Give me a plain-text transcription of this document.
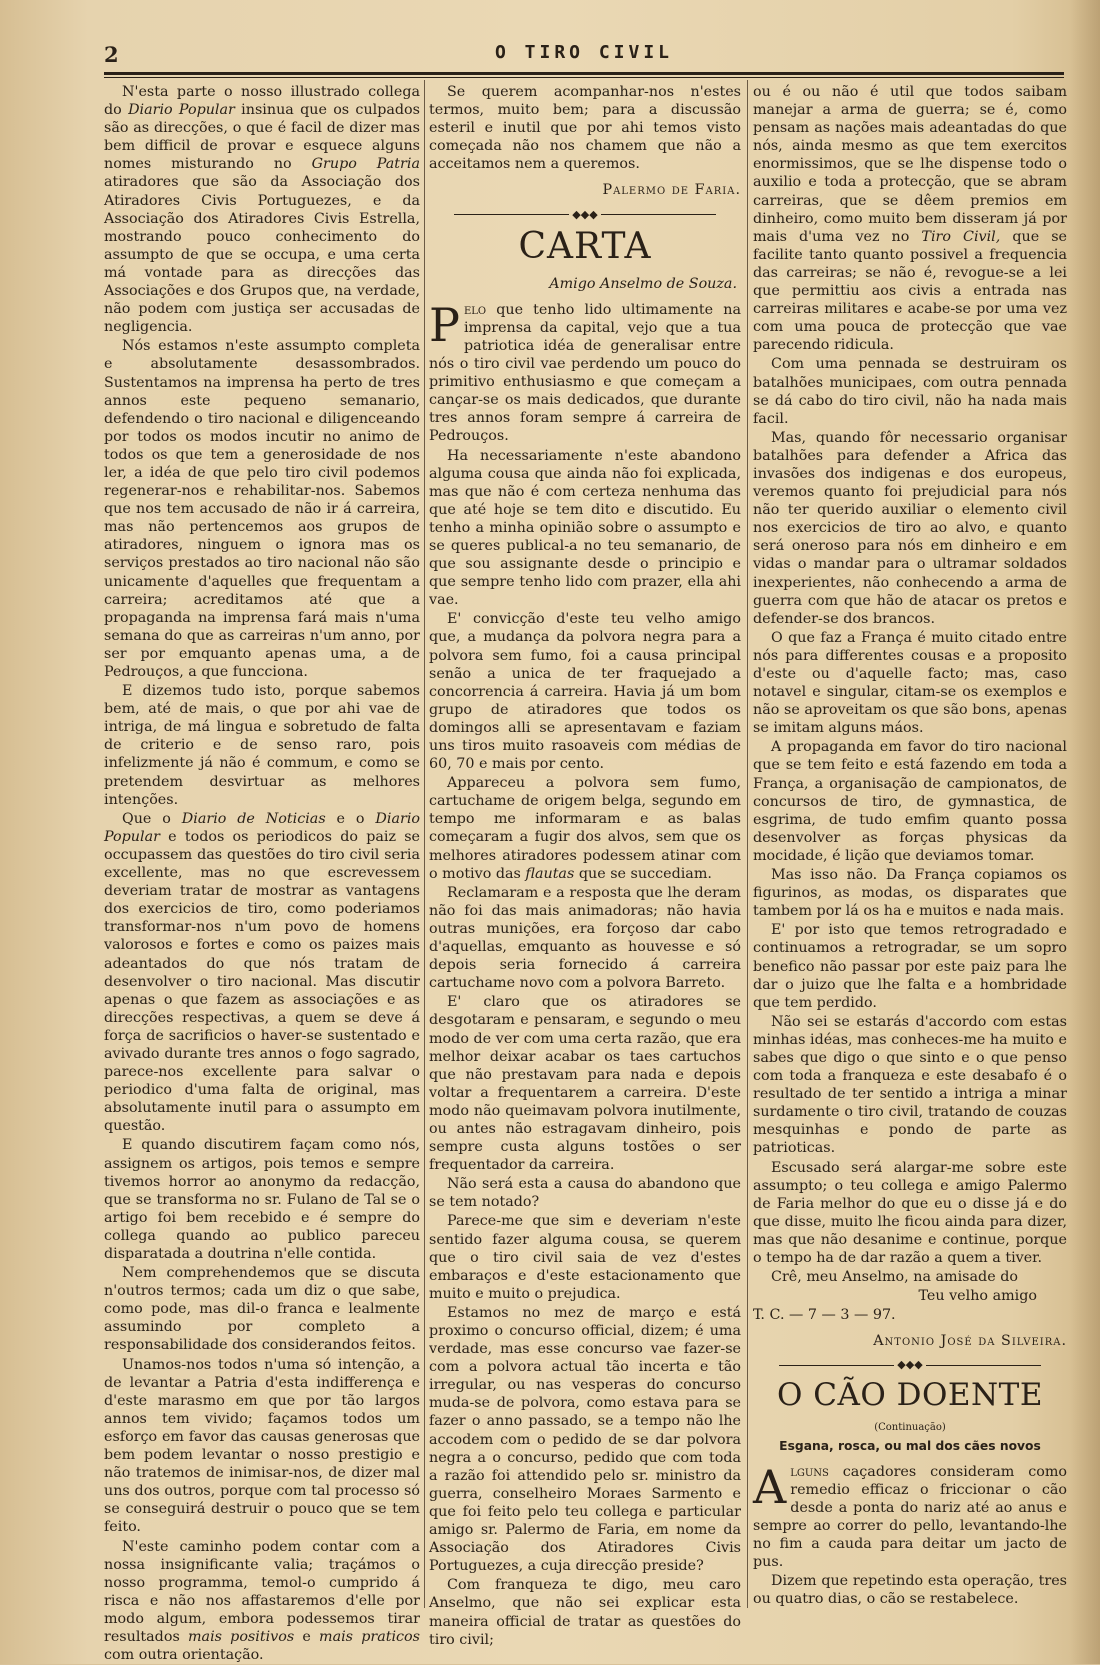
2	O TIRO CIVIL

N'esta parte o nosso illustrado collega do Diario Popular insinua que os culpados são as direcções, o que é facil de dizer mas bem difficil de provar e esquece alguns nomes misturando no Grupo Patria atiradores que são da Associação dos Atiradores Civis Portuguezes, e da Associação dos Atiradores Civis Estrella, mostrando pouco conhecimento do assumpto de que se occupa, e uma certa má vontade para as direcções das Associações e dos Grupos que, na verdade, não podem com justiça ser accusadas de negligencia.

Nós estamos n'este assumpto completa e absolutamente desassombrados. Sustentamos na imprensa ha perto de tres annos este pequeno semanario, defendendo o tiro nacional e diligenceando por todos os modos incutir no animo de todos os que tem a generosidade de nos ler, a idéa de que pelo tiro civil podemos regenerar-nos e rehabilitar-nos. Sabemos que nos tem accusado de não ir á carreira, mas não pertencemos aos grupos de atiradores, ninguem o ignora mas os serviços prestados ao tiro nacional não são unicamente d'aquelles que frequentam a carreira; acreditamos até que a propaganda na imprensa fará mais n'uma semana do que as carreiras n'um anno, por ser por emquanto apenas uma, a de Pedrouços, a que funcciona.

E dizemos tudo isto, porque sabemos bem, até de mais, o que por ahi vae de intriga, de má lingua e sobretudo de falta de criterio e de senso raro, pois infelizmente já não é commum, e como se pretendem desvirtuar as melhores intenções.

Que o Diario de Noticias e o Diario Popular e todos os periodicos do paiz se occupassem das questões do tiro civil seria excellente, mas no que escrevessem deveriam tratar de mostrar as vantagens dos exercicios de tiro, como poderiamos transformar-nos n'um povo de homens valorosos e fortes e como os paizes mais adeantados do que nós tratam de desenvolver o tiro nacional. Mas discutir apenas o que fazem as associações e as direcções respectivas, a quem se deve á força de sacrificios o haver-se sustentado e avivado durante tres annos o fogo sagrado, parece-nos excellente para salvar o periodico d'uma falta de original, mas absolutamente inutil para o assumpto em questão.

E quando discutirem façam como nós, assignem os artigos, pois temos e sempre tivemos horror ao anonymo da redacção, que se transforma no sr. Fulano de Tal se o artigo foi bem recebido e é sempre do collega quando ao publico pareceu disparatada a doutrina n'elle contida.

Nem comprehendemos que se discuta n'outros termos; cada um diz o que sabe, como pode, mas dil-o franca e lealmente assumindo por completo a responsabilidade dos considerandos feitos.

Unamos-nos todos n'uma só intenção, a de levantar a Patria d'esta indifferença e d'este marasmo em que por tão largos annos tem vivido; façamos todos um esforço em favor das causas generosas que bem podem levantar o nosso prestigio e não tratemos de inimisar-nos, de dizer mal uns dos outros, porque com tal processo só se conseguirá destruir o pouco que se tem feito.

N'este caminho podem contar com a nossa insignificante valia; traçámos o nosso programma, temol-o cumprido á risca e não nos affastaremos d'elle por modo algum, embora podessemos tirar resultados mais positivos e mais praticos com outra orientação.

Se querem acompanhar-nos n'estes termos, muito bem; para a discussão esteril e inutil que por ahi temos visto começada não nos chamem que não a acceitamos nem a queremos.

Palermo de Faria.

◆◆◆
CARTA

Amigo Anselmo de Souza.

Pelo que tenho lido ultimamente na imprensa da capital, vejo que a tua patriotica idéa de generalisar entre nós o tiro civil vae perdendo um pouco do primitivo enthusiasmo e que começam a cançar-se os mais dedicados, que durante tres annos foram sempre á carreira de Pedrouços.

Ha necessariamente n'este abandono alguma cousa que ainda não foi explicada, mas que não é com certeza nenhuma das que até hoje se tem dito e discutido. Eu tenho a minha opinião sobre o assumpto e se queres publical-a no teu semanario, de que sou assignante desde o principio e que sempre tenho lido com prazer, ella ahi vae.

E' convicção d'este teu velho amigo que, a mudança da polvora negra para a polvora sem fumo, foi a causa principal senão a unica de ter fraquejado a concorrencia á carreira. Havia já um bom grupo de atiradores que todos os domingos alli se apresentavam e faziam uns tiros muito rasoaveis com médias de 60, 70 e mais por cento.

Appareceu a polvora sem fumo, cartuchame de origem belga, segundo em tempo me informaram e as balas começaram a fugir dos alvos, sem que os melhores atiradores podessem atinar com o motivo das flautas que se succediam.

Reclamaram e a resposta que lhe deram não foi das mais animadoras; não havia outras munições, era forçoso dar cabo d'aquellas, emquanto as houvesse e só depois seria fornecido á carreira cartuchame novo com a polvora Barreto.

E' claro que os atiradores se desgotaram e pensaram, e segundo o meu modo de ver com uma certa razão, que era melhor deixar acabar os taes cartuchos que não prestavam para nada e depois voltar a frequentarem a carreira. D'este modo não queimavam polvora inutilmente, ou antes não estragavam dinheiro, pois sempre custa alguns tostões o ser frequentador da carreira.

Não será esta a causa do abandono que se tem notado?

Parece-me que sim e deveriam n'este sentido fazer alguma cousa, se querem que o tiro civil saia de vez d'estes embaraços e d'este estacionamento que muito e muito o prejudica.

Estamos no mez de março e está proximo o concurso official, dizem; é uma verdade, mas esse concurso vae fazer-se com a polvora actual tão incerta e tão irregular, ou nas vesperas do concurso muda-se de polvora, como estava para se fazer o anno passado, se a tempo não lhe accodem com o pedido de se dar polvora negra a o concurso, pedido que com toda a razão foi attendido pelo sr. ministro da guerra, conselheiro Moraes Sarmento e que foi feito pelo teu collega e particular amigo sr. Palermo de Faria, em nome da Associação dos Atiradores Civis Portuguezes, a cuja direcção preside?

Com franqueza te digo, meu caro Anselmo, que não sei explicar esta maneira official de tratar as questões do tiro civil;

ou é ou não é util que todos saibam manejar a arma de guerra; se é, como pensam as nações mais adeantadas do que nós, ainda mesmo as que tem exercitos enormissimos, que se lhe dispense todo o auxilio e toda a protecção, que se abram carreiras, que se dêem premios em dinheiro, como muito bem disseram já por mais d'uma vez no Tiro Civil, que se facilite tanto quanto possivel a frequencia das carreiras; se não é, revogue-se a lei que permittiu aos civis a entrada nas carreiras militares e acabe-se por uma vez com uma pouca de protecção que vae parecendo ridicula.

Com uma pennada se destruiram os batalhões municipaes, com outra pennada se dá cabo do tiro civil, não ha nada mais facil.

Mas, quando fôr necessario organisar batalhões para defender a Africa das invasões dos indigenas e dos europeus, veremos quanto foi prejudicial para nós não ter querido auxiliar o elemento civil nos exercicios de tiro ao alvo, e quanto será oneroso para nós em dinheiro e em vidas o mandar para o ultramar soldados inexperientes, não conhecendo a arma de guerra com que hão de atacar os pretos e defender-se dos brancos.

O que faz a França é muito citado entre nós para differentes cousas e a proposito d'este ou d'aquelle facto; mas, caso notavel e singular, citam-se os exemplos e não se aproveitam os que são bons, apenas se imitam alguns máos.

A propaganda em favor do tiro nacional que se tem feito e está fazendo em toda a França, a organisação de campionatos, de concursos de tiro, de gymnastica, de esgrima, de tudo emfim quanto possa desenvolver as forças physicas da mocidade, é lição que deviamos tomar.

Mas isso não. Da França copiamos os figurinos, as modas, os disparates que tambem por lá os ha e muitos e nada mais.

E' por isto que temos retrogradado e continuamos a retrogradar, se um sopro benefico não passar por este paiz para lhe dar o juizo que lhe falta e a hombridade que tem perdido.

Não sei se estarás d'accordo com estas minhas idéas, mas conheces-me ha muito e sabes que digo o que sinto e o que penso com toda a franqueza e este desabafo é o resultado de ter sentido a intriga a minar surdamente o tiro civil, tratando de couzas mesquinhas e pondo de parte as patrioticas.

Escusado será alargar-me sobre este assumpto; o teu collega e amigo Palermo de Faria melhor do que eu o disse já e do que disse, muito lhe ficou ainda para dizer, mas que não desanime e continue, porque o tempo ha de dar razão a quem a tiver.

Crê, meu Anselmo, na amisade do

Teu velho amigo

T. C. — 7 — 3 — 97.

Antonio José da Silveira.

◆◆◆
O CÃO DOENTE

(Continuação)

Esgana, rosca, ou mal dos cães novos

Alguns caçadores consideram como remedio efficaz o friccionar o cão desde a ponta do nariz até ao anus e sempre ao correr do pello, levantando-lhe no fim a cauda para deitar um jacto de pus.

Dizem que repetindo esta operação, tres ou quatro dias, o cão se restabelece.
